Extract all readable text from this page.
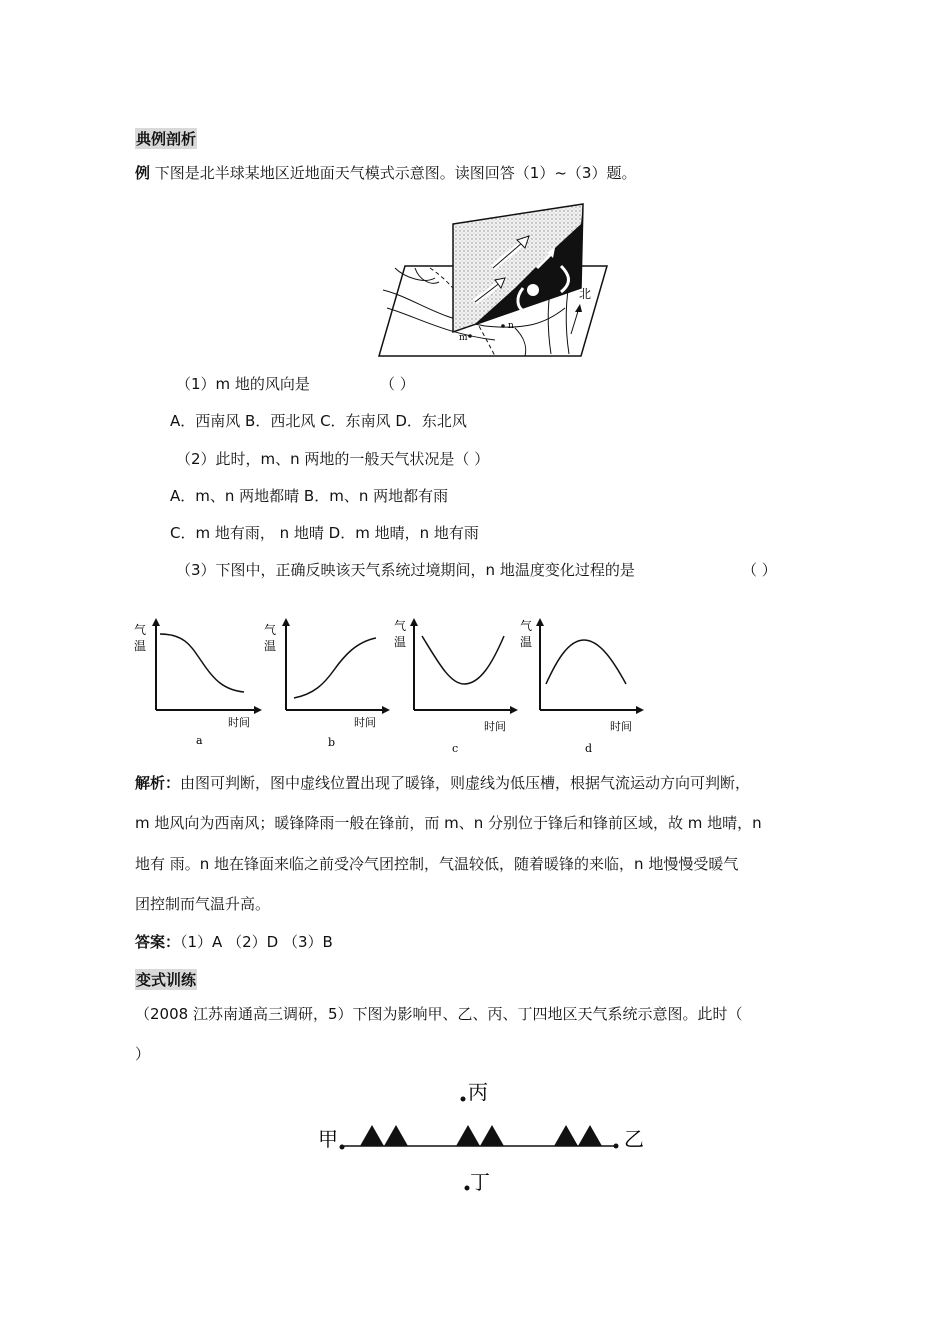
典例剖析
例 下图是北半球某地区近地面天气模式示意图。读图回答（1）~（3）题。
北
m
n
（1）m 地的风向是	（ ）
A．西南风 B．西北风 C．东南风 D．东北风
（2）此时，m、n 两地的一般天气状况是（ ）
A．m、n 两地都晴 B．m、n 两地都有雨
C．m 地有雨， n 地晴 D．m 地晴，n 地有雨
（3）下图中，正确反映该天气系统过境期间，n 地温度变化过程的是	（ ）
气
温
时间
a
气
温
时间
b
气
温
时间
c
气
温
时间
d
解析：由图可判断，图中虚线位置出现了暖锋，则虚线为低压槽，根据气流运动方向可判断，
m 地风向为西南风；暖锋降雨一般在锋前，而 m、n 分别位于锋后和锋前区域，故 m 地晴，n
地有 雨。n 地在锋面来临之前受冷气团控制，气温较低，随着暖锋的来临，n 地慢慢受暖气
团控制而气温升高。
答案：（1）A （2）D （3）B
变式训练
（2008 江苏南通高三调研，5）下图为影响甲、乙、丙、丁四地区天气系统示意图。此时（
）
丙
甲	乙
丁
